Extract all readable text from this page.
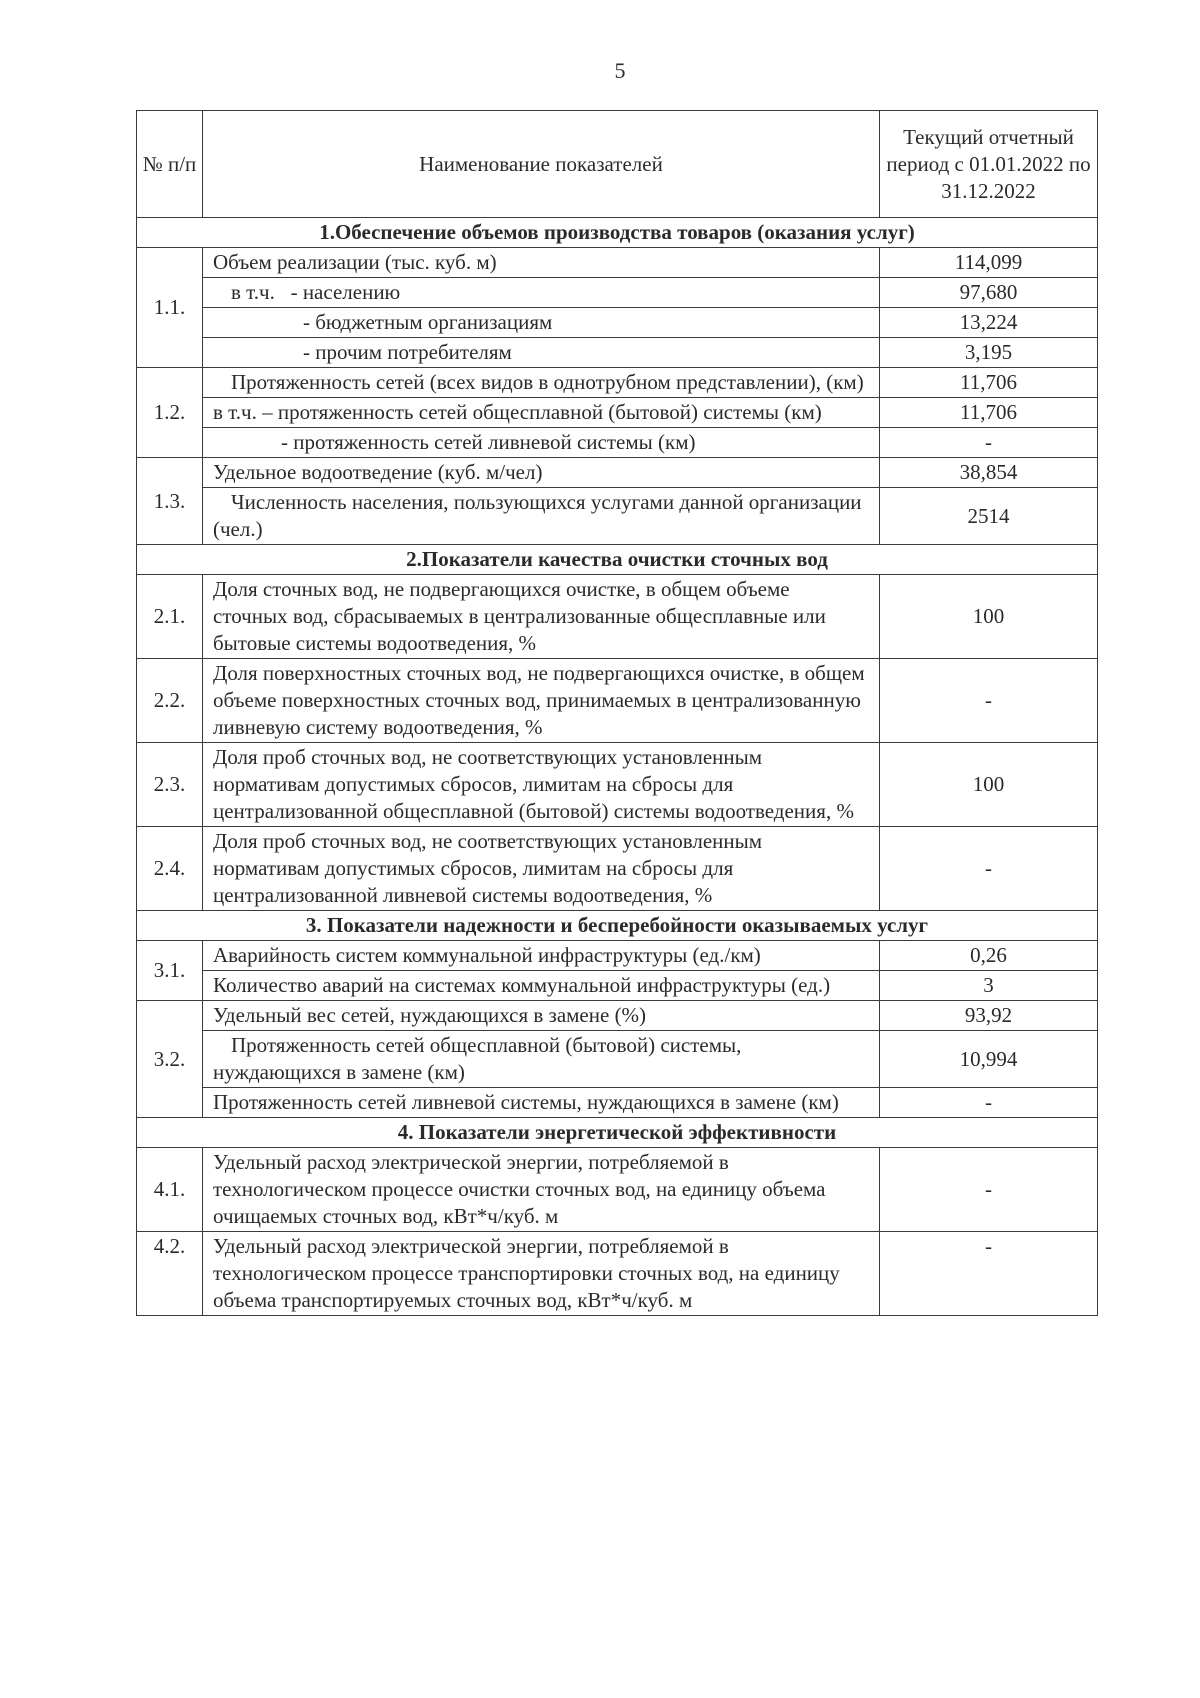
5
№ п/п	Наименование показателей	Текущий отчетный период с 01.01.2022 по 31.12.2022
1.Обеспечение объемов производства товаров (оказания услуг)		
1.1.	Объем реализации (тыс. куб. м)	114,099
	в т.ч.   - населению	97,680
	- бюджетным организациям	13,224
	- прочим потребителям	3,195
1.2.	Протяженность сетей (всех видов в однотрубном представлении), (км)	11,706
	в т.ч. – протяженность сетей общесплавной (бытовой) системы (км)	11,706
	- протяженность сетей ливневой системы (км)	-
1.3.	Удельное водоотведение (куб. м/чел)	38,854
	Численность населения, пользующихся услугами данной организации (чел.)	2514
2.Показатели качества очистки сточных вод		
2.1.	Доля сточных вод, не подвергающихся очистке, в общем объеме сточных вод, сбрасываемых в централизованные общесплавные или бытовые системы водоотведения, %	100
2.2.	Доля поверхностных сточных вод, не подвергающихся очистке, в общем объеме поверхностных сточных вод, принимаемых в централизованную ливневую систему водоотведения, %	-
2.3.	Доля проб сточных вод, не соответствующих установленным нормативам допустимых сбросов, лимитам на сбросы для централизованной общесплавной (бытовой) системы водоотведения, %	100
2.4.	Доля проб сточных вод, не соответствующих установленным нормативам допустимых сбросов, лимитам на сбросы для централизованной ливневой системы водоотведения, %	-
3. Показатели надежности и бесперебойности оказываемых услуг		
3.1.	Аварийность систем коммунальной инфраструктуры (ед./км)	0,26
	Количество аварий на системах коммунальной инфраструктуры (ед.)	3
3.2.	Удельный вес сетей, нуждающихся в замене (%)	93,92
	Протяженность сетей общесплавной (бытовой) системы, нуждающихся в замене (км)	10,994
	Протяженность сетей ливневой системы, нуждающихся в замене (км)	-
4. Показатели энергетической эффективности		
4.1.	Удельный расход электрической энергии, потребляемой в технологическом процессе очистки сточных вод, на единицу объема очищаемых сточных вод, кВт*ч/куб. м	-
4.2.	Удельный расход электрической энергии, потребляемой в технологическом процессе транспортировки сточных вод, на единицу объема транспортируемых сточных вод, кВт*ч/куб. м	-
